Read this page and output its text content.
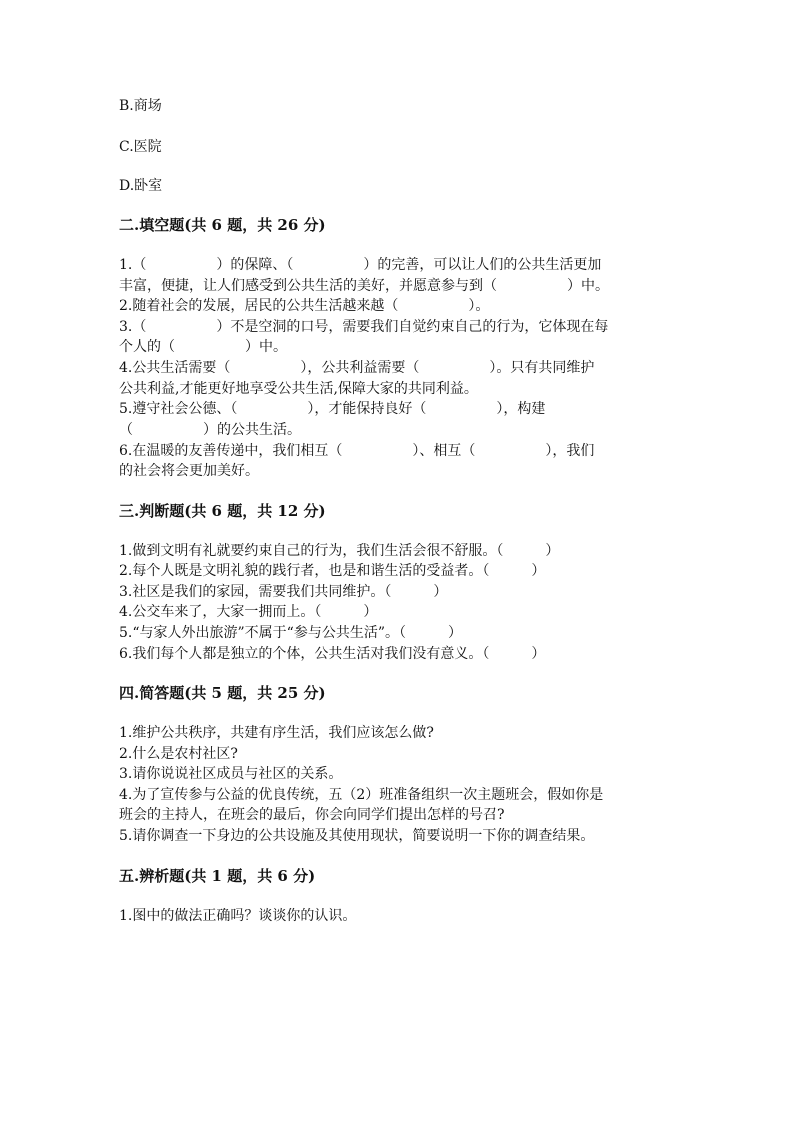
B.商场
C.医院
D.卧室
二.填空题(共 6 题，共 26 分)
1.（　　　　　）的保障、（　　　　　）的完善，可以让人们的公共生活更加
丰富，便捷，让人们感受到公共生活的美好，并愿意参与到（　　　　　）中。
2.随着社会的发展，居民的公共生活越来越（　　　　　）。
3.（　　　　　）不是空洞的口号，需要我们自觉约束自己的行为，它体现在每
个人的（　　　　　）中。
4.公共生活需要（　　　　　），公共利益需要（　　　　　）。只有共同维护
公共利益,才能更好地享受公共生活,保障大家的共同利益。
5.遵守社会公德、（　　　　　），才能保持良好（　　　　　），构建
（　　　　　）的公共生活。
6.在温暖的友善传递中，我们相互（　　　　　）、相互（　　　　　），我们
的社会将会更加美好。
三.判断题(共 6 题，共 12 分)
1.做到文明有礼就要约束自己的行为，我们生活会很不舒服。（　　　）
2.每个人既是文明礼貌的践行者，也是和谐生活的受益者。（　　　）
3.社区是我们的家园，需要我们共同维护。（　　　）
4.公交车来了，大家一拥而上。（　　　）
5.“与家人外出旅游”不属于“参与公共生活”。（　　　）
6.我们每个人都是独立的个体，公共生活对我们没有意义。（　　　）
四.简答题(共 5 题，共 25 分)
1.维护公共秩序，共建有序生活，我们应该怎么做?
2.什么是农村社区?
3.请你说说社区成员与社区的关系。
4.为了宣传参与公益的优良传统，五（2）班准备组织一次主题班会，假如你是
班会的主持人，在班会的最后，你会向同学们提出怎样的号召?
5.请你调查一下身边的公共设施及其使用现状，简要说明一下你的调查结果。
五.辨析题(共 1 题，共 6 分)
1.图中的做法正确吗？谈谈你的认识。
